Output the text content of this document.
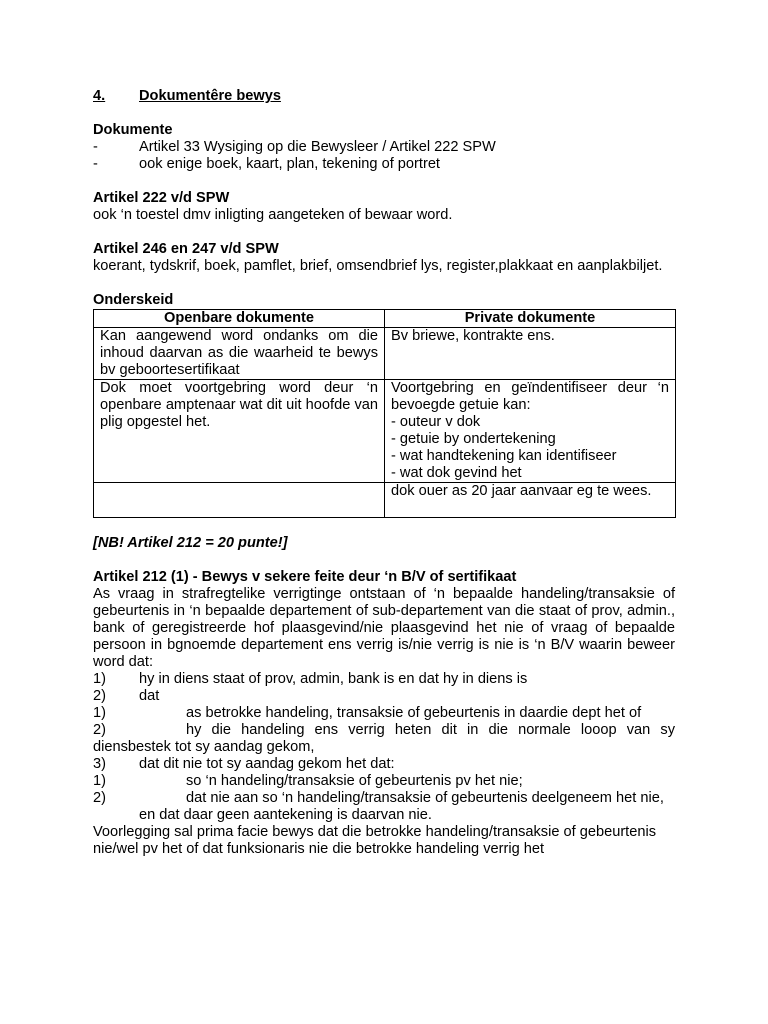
4. Dokumentêre bewys
Dokumente
-	Artikel 33 Wysiging op die Bewysleer / Artikel 222 SPW
-	ook enige boek, kaart, plan, tekening of portret
Artikel 222 v/d SPW
ook ‘n toestel dmv inligting aangeteken of bewaar word.
Artikel 246 en 247 v/d SPW
koerant, tydskrif, boek, pamflet, brief, omsendbrief lys, register,plakkaat en aanplakbiljet.
Onderskeid
Openbare dokumente	Private dokumente
Kan aangewend word ondanks om die inhoud daarvan as die waarheid te bewys bv geboortesertifikaat	Bv briewe, kontrakte ens.

Dok moet voortgebring word deur ‘n openbare amptenaar wat dit uit hoofde van plig opgestel het.	Voortgebring en geïndentifiseer deur ‘n bevoegde getuie kan:
- outeur v dok
- getuie by ondertekening
- wat handtekening kan identifiseer
- wat dok gevind het

	dok ouer as 20 jaar aanvaar eg te wees.
[NB! Artikel 212 = 20 punte!]
Artikel 212 (1) - Bewys v sekere feite deur ‘n B/V of sertifikaat
As vraag in strafregtelike verrigtinge ontstaan of ‘n bepaalde handeling/transaksie of gebeurtenis in ‘n bepaalde departement of sub-departement van die staat of prov, admin., bank of geregistreerde hof plaasgevind/nie plaasgevind het nie of vraag of bepaalde persoon in bgnoemde departement ens verrig is/nie verrig is nie is ‘n B/V waarin beweer word dat:
1)	hy in diens staat of prov, admin, bank is en dat hy in diens is
2)	dat
1)	as betrokke handeling, transaksie of gebeurtenis in daardie dept het of
2)	hy die handeling ens verrig heten dit in die normale looop van sy diensbestek tot sy aandag gekom,
3)	dat dit nie tot sy aandag gekom het dat:
1)	so ‘n handeling/transaksie of gebeurtenis pv het nie;
2)	dat nie aan so ‘n handeling/transaksie of gebeurtenis deelgeneem het nie,
en dat daar geen aantekening is daarvan nie.
Voorlegging sal prima facie bewys dat die betrokke handeling/transaksie of gebeurtenis nie/wel pv het of dat funksionaris nie die betrokke handeling verrig het
